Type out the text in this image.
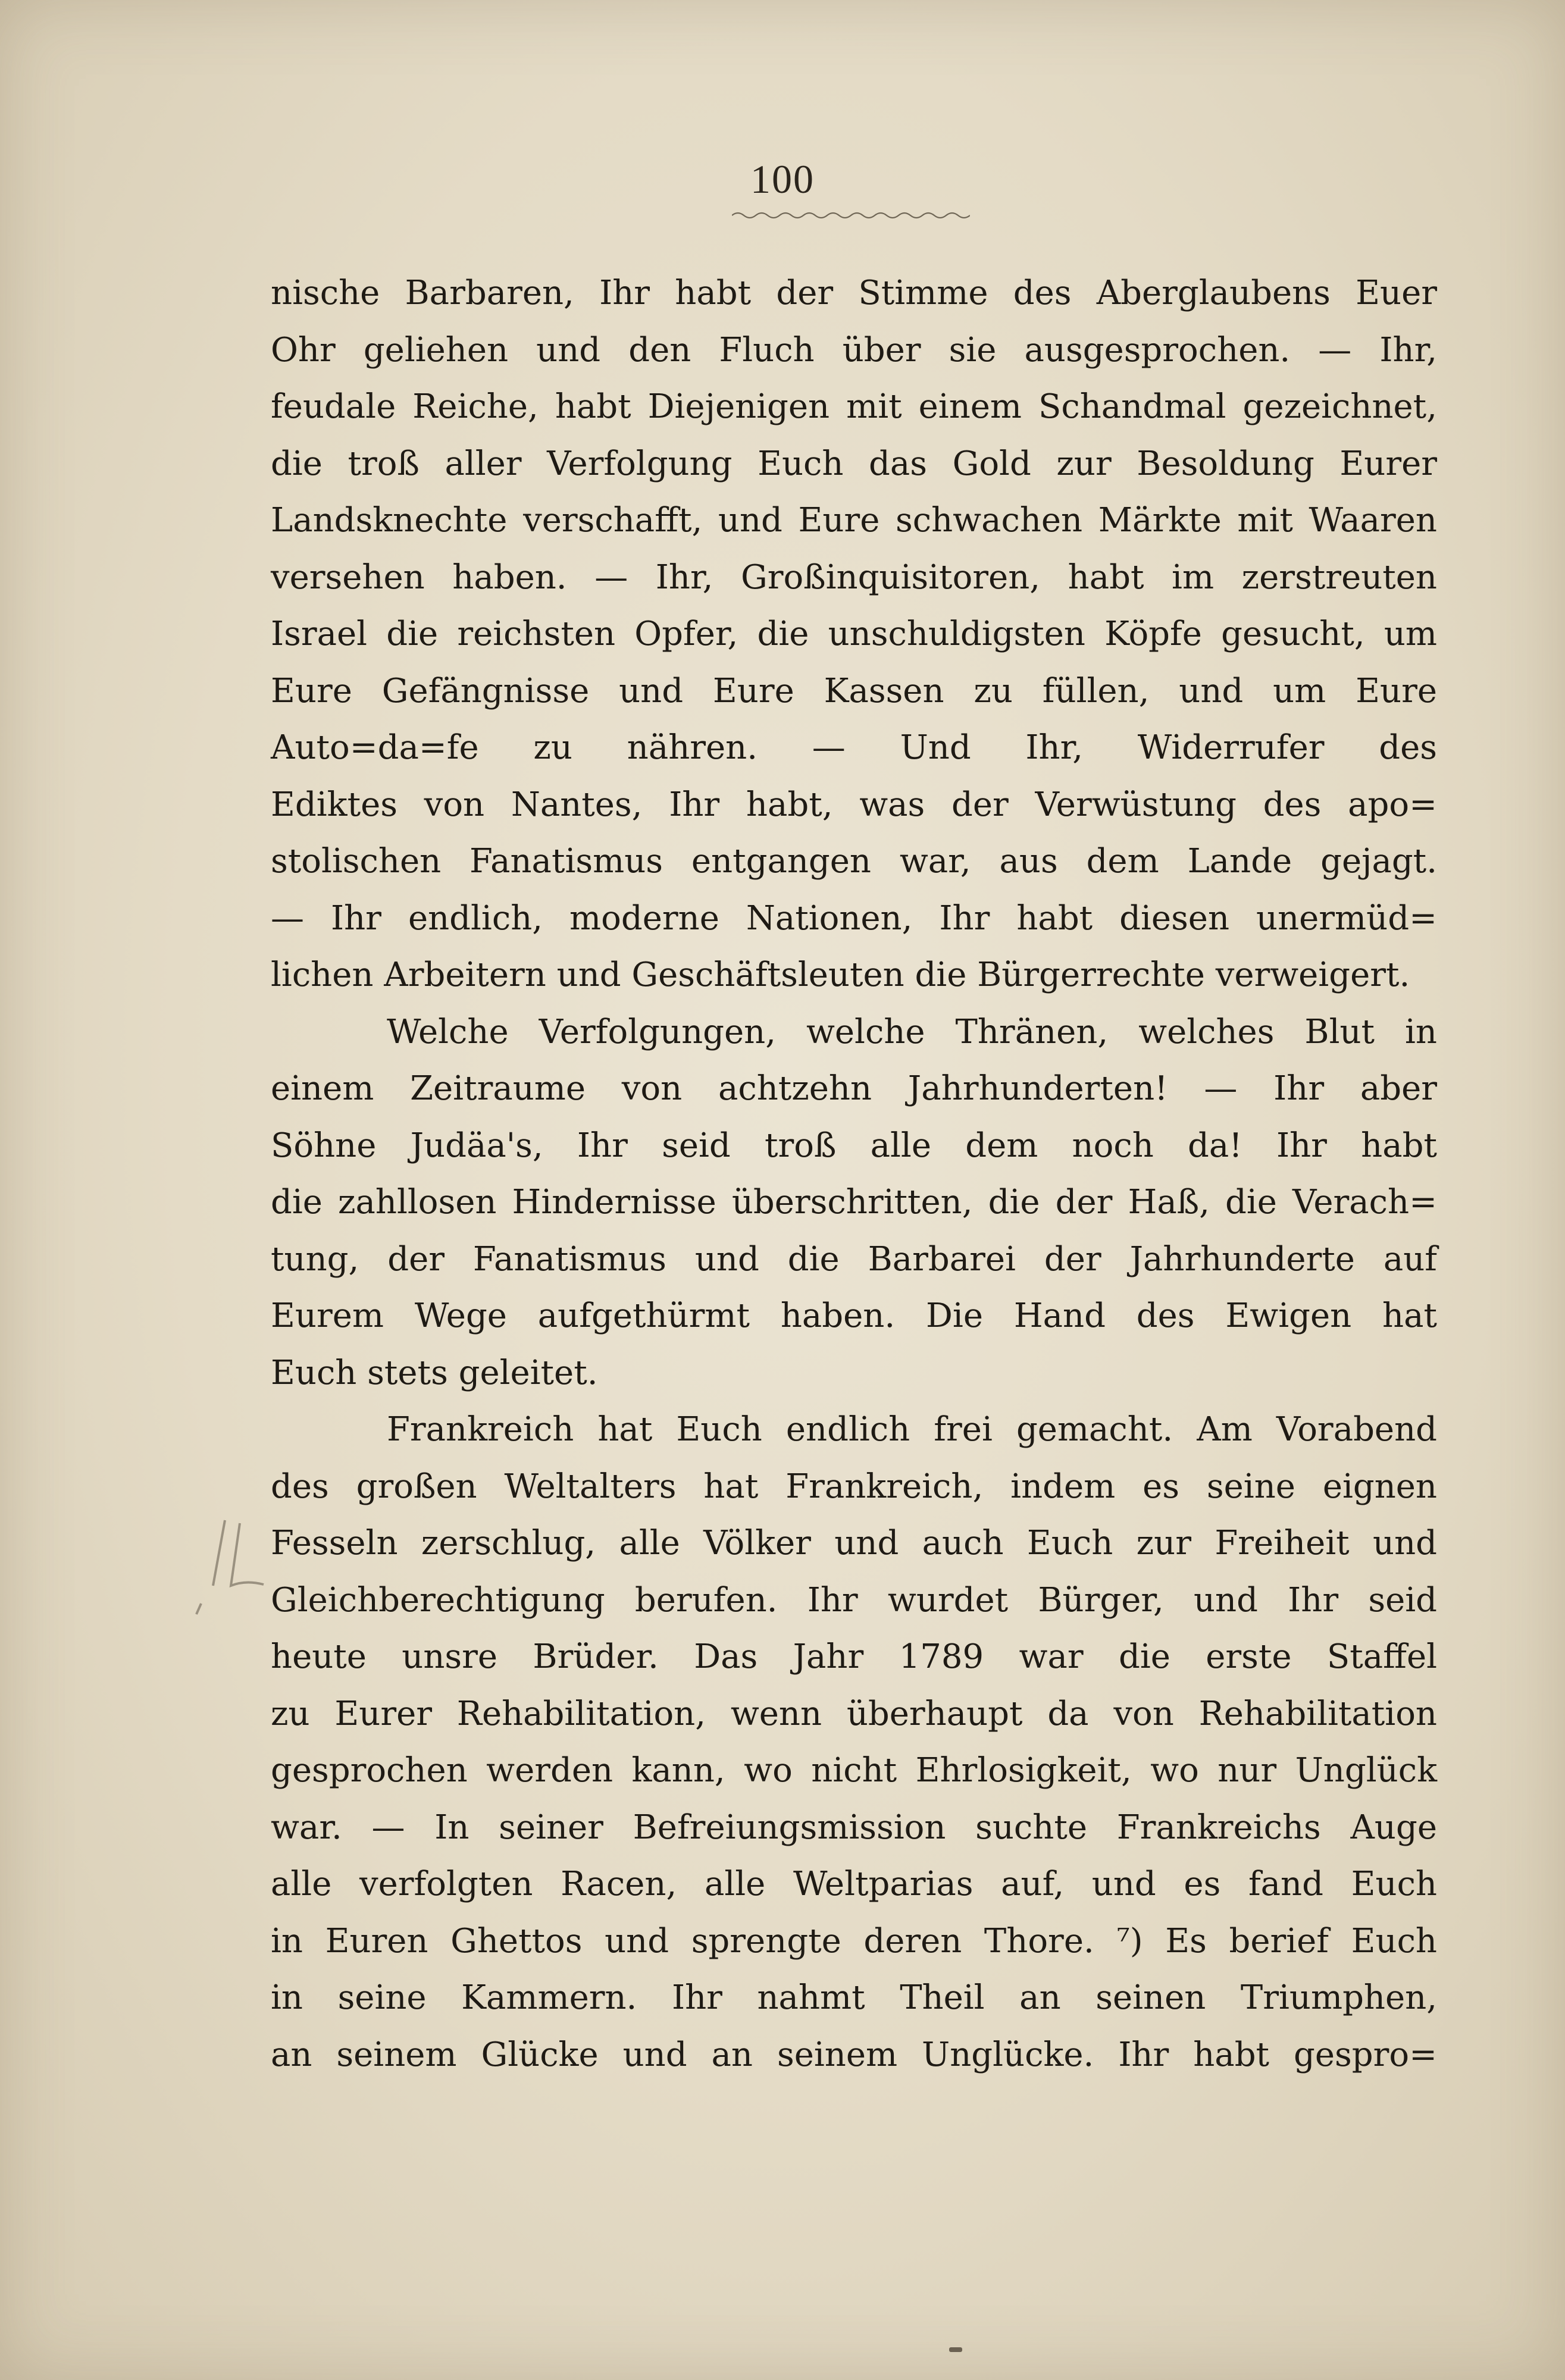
100
nische Barbaren, Ihr habt der Stimme des Aberglaubens Euer
Ohr geliehen und den Fluch über sie ausgesprochen. — Ihr,
feudale Reiche, habt Diejenigen mit einem Schandmal gezeichnet,
die troß aller Verfolgung Euch das Gold zur Besoldung Eurer
Landsknechte verschafft, und Eure schwachen Märkte mit Waaren
versehen haben. — Ihr, Großinquisitoren, habt im zerstreuten
Israel die reichsten Opfer, die unschuldigsten Köpfe gesucht, um
Eure Gefängnisse und Eure Kassen zu füllen, und um Eure
Auto=da=fe zu nähren. — Und Ihr, Widerrufer des
Ediktes von Nantes, Ihr habt, was der Verwüstung des apo=
stolischen Fanatismus entgangen war, aus dem Lande gejagt.
— Ihr endlich, moderne Nationen, Ihr habt diesen unermüd=
lichen Arbeitern und Geschäftsleuten die Bürgerrechte verweigert.
Welche Verfolgungen, welche Thränen, welches Blut in
einem Zeitraume von achtzehn Jahrhunderten! — Ihr aber
Söhne Judäa's, Ihr seid troß alle dem noch da! Ihr habt
die zahllosen Hindernisse überschritten, die der Haß, die Verach=
tung, der Fanatismus und die Barbarei der Jahrhunderte auf
Eurem Wege aufgethürmt haben. Die Hand des Ewigen hat
Euch stets geleitet.
Frankreich hat Euch endlich frei gemacht. Am Vorabend
des großen Weltalters hat Frankreich, indem es seine eignen
Fesseln zerschlug, alle Völker und auch Euch zur Freiheit und
Gleichberechtigung berufen. Ihr wurdet Bürger, und Ihr seid
heute unsre Brüder. Das Jahr 1789 war die erste Staffel
zu Eurer Rehabilitation, wenn überhaupt da von Rehabilitation
gesprochen werden kann, wo nicht Ehrlosigkeit, wo nur Unglück
war. — In seiner Befreiungsmission suchte Frankreichs Auge
alle verfolgten Racen, alle Weltparias auf, und es fand Euch
in Euren Ghettos und sprengte deren Thore. ⁷) Es berief Euch
in seine Kammern. Ihr nahmt Theil an seinen Triumphen,
an seinem Glücke und an seinem Unglücke. Ihr habt gespro=
